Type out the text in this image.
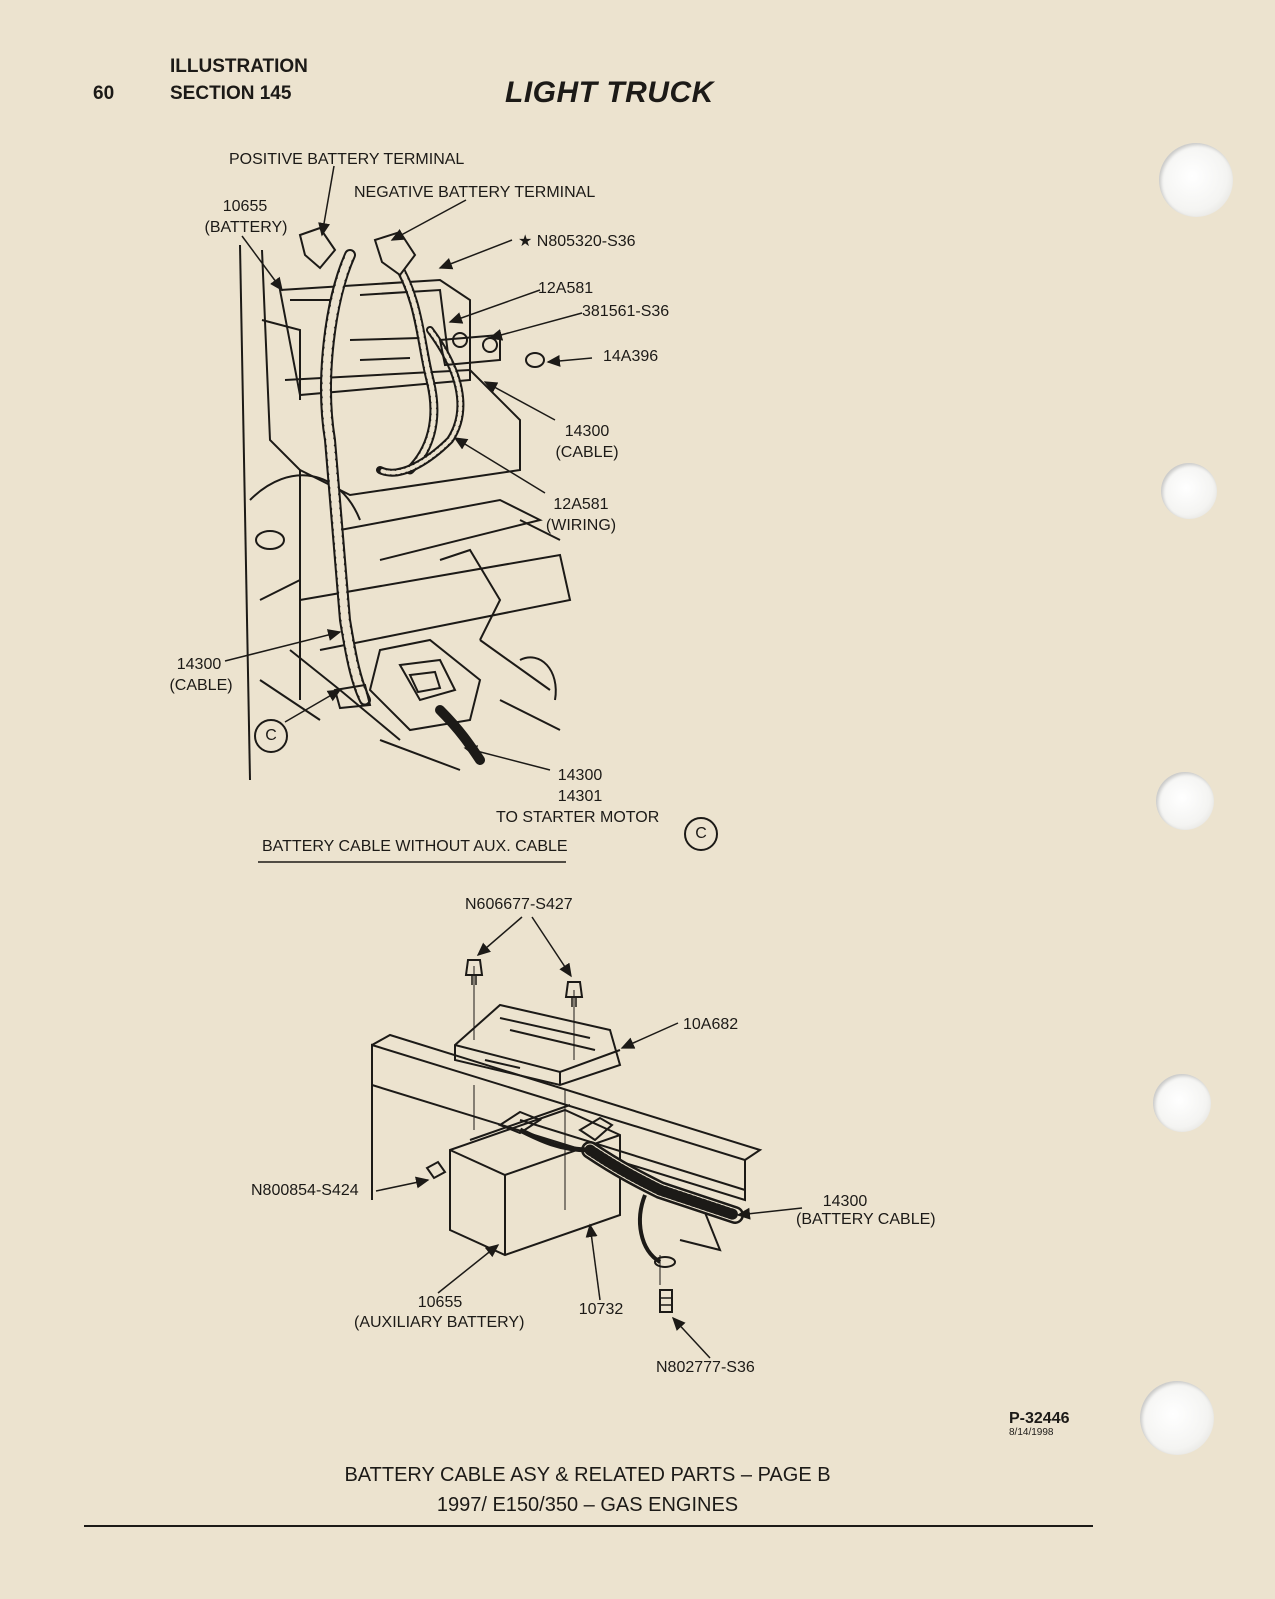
60
ILLUSTRATION
SECTION 145	LIGHT TRUCK
POSITIVE BATTERY TERMINAL
NEGATIVE BATTERY TERMINAL
10655
(BATTERY)
★ N805320-S36
12A581
381561-S36
14A396
14300
(CABLE)
12A581
(WIRING)
14300
(CABLE)
C
14300
14301
TO STARTER MOTOR
C
BATTERY CABLE WITHOUT AUX. CABLE
N606677-S427
10A682
N800854-S424
14300
(BATTERY CABLE)
10655
(AUXILIARY BATTERY)
10732
N802777-S36
P-32446
8/14/1998
BATTERY CABLE ASY & RELATED PARTS – PAGE B
1997/ E150/350 – GAS ENGINES
